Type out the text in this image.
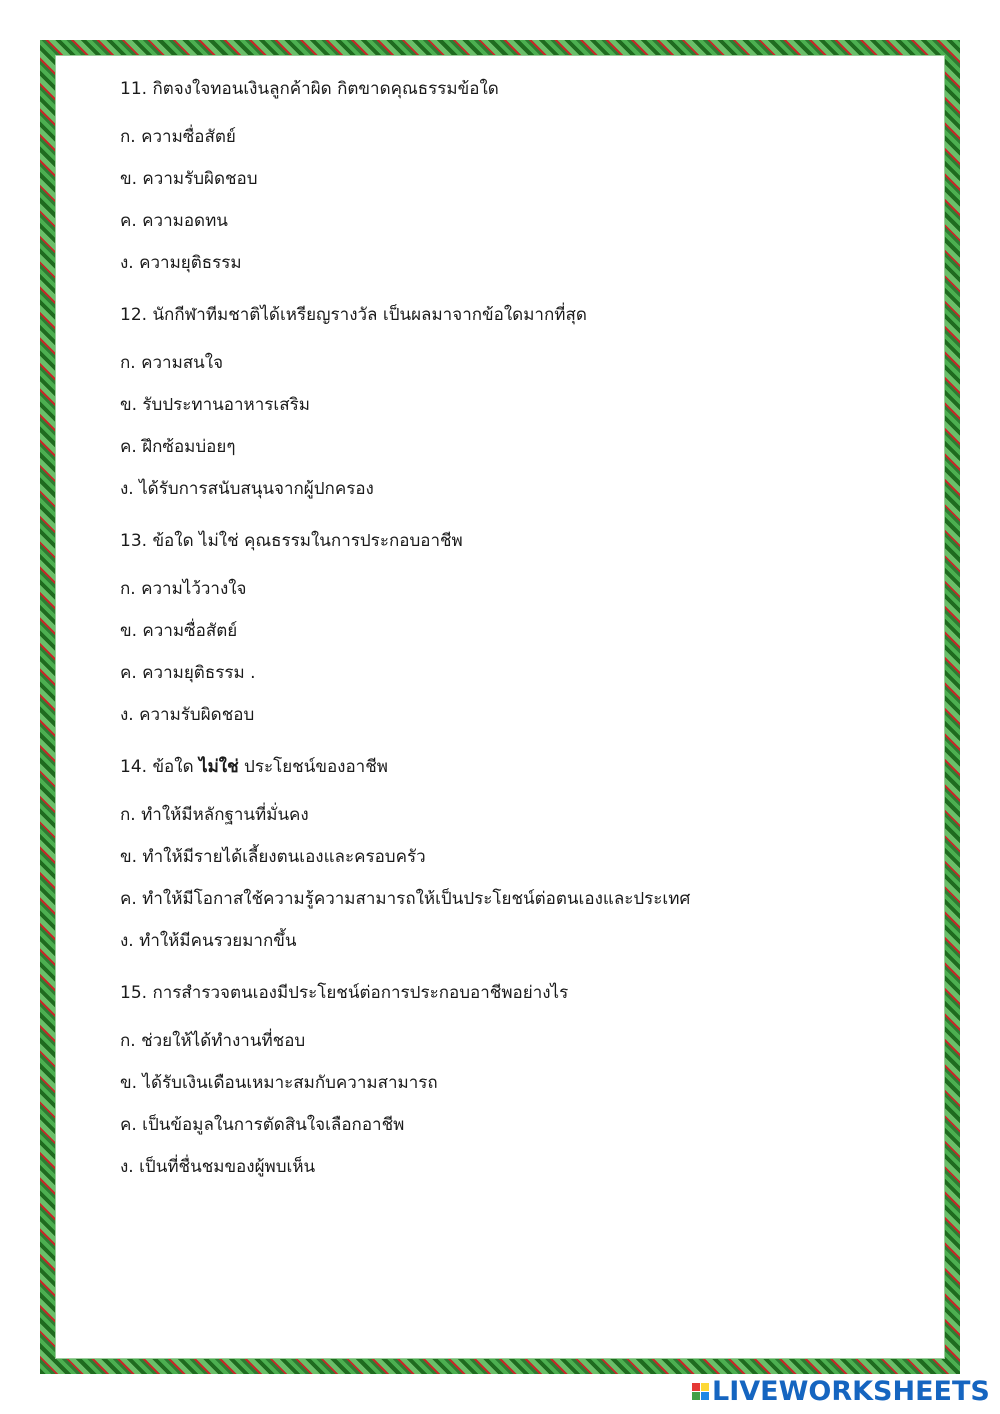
11. กิตจงใจทอนเงินลูกค้าผิด กิตขาดคุณธรรมข้อใด
ก. ความซื่อสัตย์
ข. ความรับผิดชอบ
ค. ความอดทน
ง. ความยุติธรรม
12. นักกีฬาทีมชาติได้เหรียญรางวัล เป็นผลมาจากข้อใดมากที่สุด
ก. ความสนใจ
ข. รับประทานอาหารเสริม
ค. ฝึกซ้อมบ่อยๆ
ง. ได้รับการสนับสนุนจากผู้ปกครอง
13. ข้อใด ไม่ใช่ คุณธรรมในการประกอบอาชีพ
ก. ความไว้วางใจ
ข. ความซื่อสัตย์
ค. ความยุติธรรม .
ง. ความรับผิดชอบ
14. ข้อใด ไม่ใช่ ประโยชน์ของอาชีพ
ก. ทำให้มีหลักฐานที่มั่นคง
ข. ทำให้มีรายได้เลี้ยงตนเองและครอบครัว
ค. ทำให้มีโอกาสใช้ความรู้ความสามารถให้เป็นประโยชน์ต่อตนเองและประเทศ
ง. ทำให้มีคนรวยมากขึ้น
15. การสำรวจตนเองมีประโยชน์ต่อการประกอบอาชีพอย่างไร
ก. ช่วยให้ได้ทำงานที่ชอบ
ข. ได้รับเงินเดือนเหมาะสมกับความสามารถ
ค. เป็นข้อมูลในการตัดสินใจเลือกอาชีพ
ง. เป็นที่ชื่นชมของผู้พบเห็น
LIVEWORKSHEETS
